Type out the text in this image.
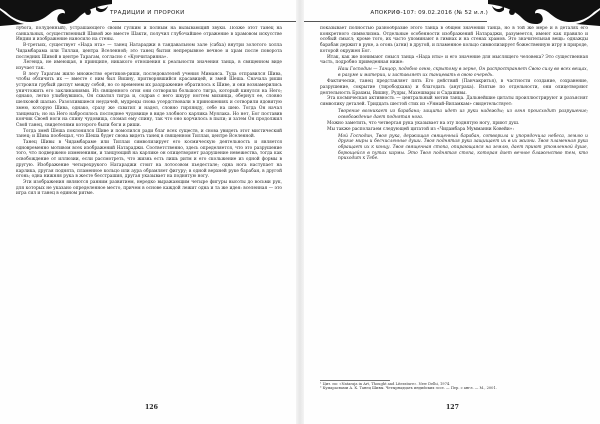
ТРАДИЦИИ И ПРОРОКИ

лубога, полуденный), устрашающего своим гулким и полным на вызывающий звуки. Позже этот танец на санкальных, осуществленный Шивой же вместе Шакти, получил глубочайшее отражение в храмовом искусстве Индии и изображение наносило на стены.

В-третьих, существует «Нада нта» — танец Натараджи в тандавальном зале (сабха) внутри золотого холла Чидамбарама или Тиллаи, центра Вселенной; это танец бытия непрерывное вечное и храм после поворота последних Шивой в центре Тарагам, согласно с «Кунчитарияна».

Легенда, не имеющая, в принципе, никакого отношения к реальности значения танца, в священном виде изучает так.

В лесу Тарагам жило множество еретиков-риши, последователей учения Миманса. Туда отправился Шива, чтобы обличить их — вместе с ним был Вишну, притворявшийся красавицей, и змей Шеша. Сначала риши устроили грубый диспут между собой, но со временем их раздражение обратилось к Шиве, и они вознамерились уничтожить его заклинаниями. Из священного огня они сотворили большого тигра, который кинулся на Него; однако, легко улыбнувшись, Он схватил тигра и, содрав с него шкуру ногтем мизинца, обернул ее, словно шелковой шалью. Разозлившиеся неудачей, мудрецы снова усердствовали в приношениях и сотворили ядовитую змею, которую Шива, однако, сразу же схватил и надел, словно гирлянду, себе на шею. Тогда Он начал танцевать; но на Него набросилось последнее чудовище в виде злобного карлика Муялака. Но нет, Бог поставив кончик Своей ноги на спину чудовища, сломал ему спину, так что оно корчилось в пыли; и затем Он продолжил Свой танец, свидетелями которого были боги и риши.

Тогда змей Шеша поклонился Шиве и помолился ради благ всех существ, и снова увидеть этот мистический танец; и Шива пообещал, что Шеша будет снова видеть танец в священном Тиллаи, центре Вселенной.

Танец Шивы в Чидамбараме или Тиллаи символизирует его космическую деятельность и является одновременно мотивом всех изображений Натараджи. Соответственно, здесь определяется, что это разрушение того, что подвержено изменениям, и танцующий на карлике он олицетворяет разрушение невежества, тогда как освобождение от иллюзии, если рассмотреть, что жизнь есть лишь ритм и его скольжение из одной формы в другую. Изображение четырехрукого Натараджи стоит на лотосовом пьедестале; одна нога наступает на карлика, другая поднята, пламенное кольцо или аура обрамляет фигуру; в одной верхней руке барабан, в другой огонь; одна нижняя рука в жесте бесстрашия, другая указывает на поднятую ногу.

Эти изображения являются ранним развитием, нередко выражающим четыре фигуры высоты до восьми рук, для которых не указано определенное место, причем в основе каждой лежит одна и та же идея: вселенная — это игра сил и танец в едином ритме.

126
АПОКРИФ-107: 09.02.2016 (№ 52 и.л.)

показывает полностью разнообразие этого танца в общем значении танца, но в той же мере и в деталях его конкретного символизма. Отдельные особенности изображений Натараджи, разумеется, имеют как правило и особый смысл; кроме того, их часто упоминают в гимнах и на стенах храмов. Это значительная вещь: однажды барабан держит в руке, а огонь (агни) в другой, и пламенное кольцо символизирует божественную игру в природе, которой окружен Бог.

Итак, как же понимают смысл танца «Нада нты» и его значение для мыслящего человека? Это существенная часть, подробно приведенная ниже:

Наш Господин — Танцор, подобно огню, скрытому в зерне, Он распространяет Свою силу во всех вещах, в разуме и материи, и заставляет их танцевать в свою очередь.

Фактически, танец представляет пять Его действий (Панчакритья), в частности создание, сохранение, разрушение, сокрытие (тирободхана) и благодать (ануграха). Взятые по отдельности, они олицетворяют деятельность Брахмы, Вишну, Рудры, Махешвары и Садашивы.

Эта космическая активность — центральный мотив танца. Дальнейшие цитаты проиллюстрируют и разъяснят символику деталей. Тридцать шестой стих из «Унмай-Виламкам» свидетельствует:

Творение возникает из барабана; защита идет из руки надежды; из огня происходит разрушение; освобождение дает поднятая нога.

Можно заметить, что четвертая рука указывает на эту поднятую ногу, приют душ.

Мы также располагаем следующей цитатой из «Чидамбара Мумманни Ковейи»:

Мой Господин, Твоя рука, держащая священный барабан, сотворила и упорядочила небеса, землю и другие миры и бесчисленные души. Твоя поднятая рука защищает их в их жизни. Твоя пламенная рука обращает их к концу. Твоя священная стопа, опирающаяся на землю, дает приют утомленной душе, борющейся в путах кармы. Это Твоя поднятая стопа, которая дает вечное блаженство тем, кто приходит к Тебе.

¹ Цит. по: «Nataraja in Art, Thought and Literature». New Delhi, 1974.

² Кумарасвами А. К. Танец Шивы. Четырнадцать индийских эссе. — Пер. с англ. — М., 2001.

127
